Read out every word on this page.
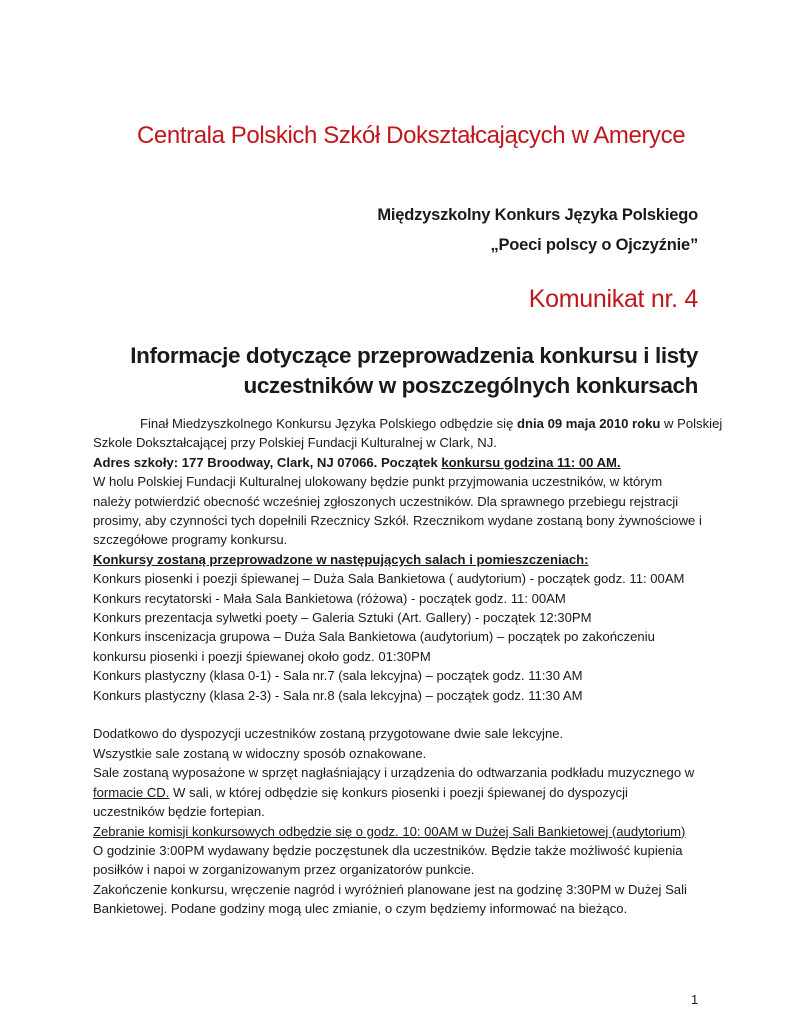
Centrala Polskich Szkół Dokształcających w Ameryce
Międzyszkolny Konkurs Języka Polskiego
„Poeci polscy o Ojczyźnie”
Komunikat nr. 4
Informacje dotyczące przeprowadzenia konkursu i listy
uczestników w poszczególnych konkursach
Finał Miedzyszkolnego Konkursu Języka Polskiego odbędzie się dnia 09 maja 2010 roku w Polskiej
Szkole Dokształcającej przy Polskiej Fundacji Kulturalnej w Clark, NJ.
Adres szkoły: 177 Broodway, Clark, NJ 07066. Początek konkursu godzina 11: 00 AM.
W holu Polskiej Fundacji Kulturalnej ulokowany będzie punkt przyjmowania uczestników, w którym
należy potwierdzić obecność wcześniej zgłoszonych uczestników. Dla sprawnego przebiegu rejstracji
prosimy, aby czynności tych dopełnili Rzecznicy Szkół. Rzecznikom wydane zostaną bony żywnościowe i
szczegółowe programy konkursu.
Konkursy zostaną przeprowadzone w następujących salach i pomieszczeniach:
Konkurs piosenki i poezji śpiewanej – Duża Sala Bankietowa ( audytorium) - początek godz. 11: 00AM
Konkurs recytatorski - Mała Sala Bankietowa (różowa) - początek godz. 11: 00AM
Konkurs prezentacja sylwetki poety – Galeria Sztuki (Art. Gallery) - początek 12:30PM
Konkurs inscenizacja grupowa – Duża Sala Bankietowa (audytorium) – początek po zakończeniu
konkursu piosenki i poezji śpiewanej około godz. 01:30PM
Konkurs plastyczny (klasa 0-1) - Sala nr.7 (sala lekcyjna) – początek godz. 11:30 AM
Konkurs plastyczny (klasa 2-3) - Sala nr.8 (sala lekcyjna) – początek godz. 11:30 AM
Dodatkowo do dyspozycji uczestników zostaną przygotowane dwie sale lekcyjne.
Wszystkie sale zostaną w widoczny sposób oznakowane.
Sale zostaną wyposażone w sprzęt nagłaśniający i urządzenia do odtwarzania podkładu muzycznego w
formacie CD. W sali, w której odbędzie się konkurs piosenki i poezji śpiewanej do dyspozycji
uczestników będzie fortepian.
Zebranie komisji konkursowych odbędzie się o godz. 10: 00AM w Dużej Sali Bankietowej (audytorium)
O godzinie 3:00PM wydawany będzie poczęstunek dla uczestników. Będzie także możliwość kupienia
posiłków i napoi w zorganizowanym przez organizatorów punkcie.
Zakończenie konkursu, wręczenie nagród i wyróżnień planowane jest na godzinę 3:30PM w Dużej Sali
Bankietowej. Podane godziny mogą ulec zmianie, o czym będziemy informować na bieżąco.
1
